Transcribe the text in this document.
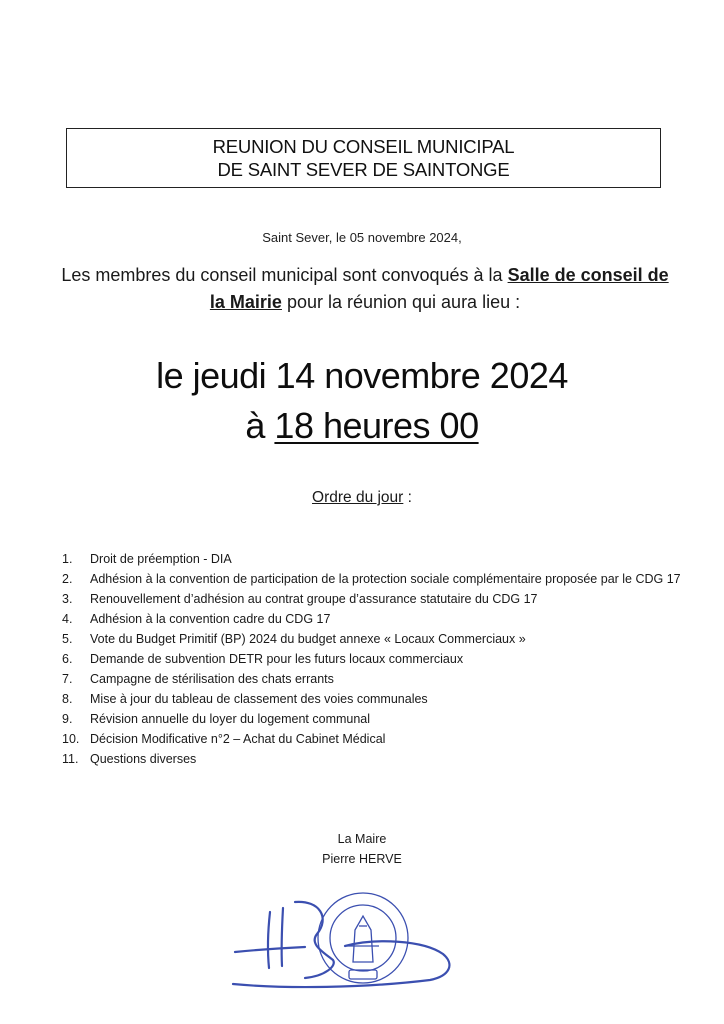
REUNION DU CONSEIL MUNICIPAL
DE SAINT SEVER DE SAINTONGE
Saint Sever, le 05 novembre 2024,
Les membres du conseil municipal sont convoqués à la Salle de conseil de la Mairie pour la réunion qui aura lieu :
le jeudi 14 novembre 2024
à 18 heures 00
Ordre du jour :
1.	Droit de préemption - DIA
2.	Adhésion à la convention de participation de la protection sociale complémentaire proposée par le CDG 17
3.	Renouvellement d’adhésion au contrat groupe d’assurance statutaire du CDG 17
4.	Adhésion à la convention cadre du CDG 17
5.	Vote du Budget Primitif (BP) 2024 du budget annexe « Locaux Commerciaux »
6.	Demande de subvention DETR pour les futurs locaux commerciaux
7.	Campagne de stérilisation des chats errants
8.	Mise à jour du tableau de classement des voies communales
9.	Révision annuelle du loyer du logement communal
10. Décision Modificative n°2 – Achat du Cabinet Médical
11. Questions diverses
La Maire
Pierre HERVE
